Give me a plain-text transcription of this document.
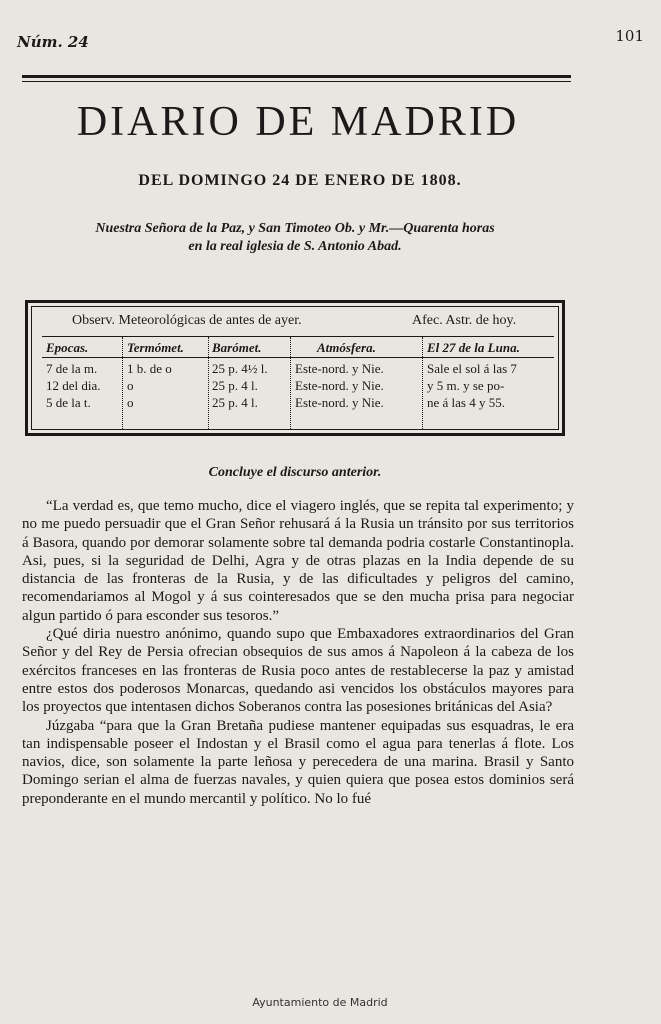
Núm. 24	101
DIARIO DE MADRID
DEL DOMINGO 24 DE ENERO DE 1808.
Nuestra Señora de la Paz, y San Timoteo Ob. y Mr.—Quarenta horas
en la real iglesia de S. Antonio Abad.
Observ. Meteorológicas de antes de ayer.	Afec. Astr. de hoy.
Epocas.
7 de la m.
12 del dia.
5 de la t.
Termómet.
1 b. de o
o
o
Barómet.
25 p. 4½ l.
25 p. 4 l.
25 p. 4 l.
Atmósfera.
Este-nord. y Nie.
Este-nord. y Nie.
Este-nord. y Nie.
El 27 de la Luna.
Sale el sol á las 7
y 5 m. y se po-
ne á las 4 y 55.
Concluye el discurso anterior.

“La verdad es, que temo mucho, dice el viagero inglés, que se repita tal experimento; y no me puedo persuadir que el Gran Señor rehusará á la Rusia un tránsito por sus territorios á Basora, quando por demorar solamente sobre tal demanda podria costarle Constantinopla. Asi, pues, si la seguridad de Delhi, Agra y de otras plazas en la India depende de su distancia de las fronteras de la Rusia, y de las dificultades y peligros del camino, recomendariamos al Mogol y á sus cointeresados que se den mucha prisa para negociar algun partido ó para esconder sus tesoros.”

¿Qué diria nuestro anónimo, quando supo que Embaxadores extraordinarios del Gran Señor y del Rey de Persia ofrecian obsequios de sus amos á Napoleon á la cabeza de los exércitos franceses en las fronteras de Rusia poco antes de restablecerse la paz y amistad entre estos dos poderosos Monarcas, quedando asi vencidos los obstáculos mayores para los proyectos que intentasen dichos Soberanos contra las posesiones británicas del Asia?

Júzgaba “para que la Gran Bretaña pudiese mantener equipadas sus esquadras, le era tan indispensable poseer el Indostan y el Brasil como el agua para tenerlas á flote. Los navios, dice, son solamente la parte leñosa y perecedera de una marina. Brasil y Santo Domingo serian el alma de fuerzas navales, y quien quiera que posea estos dominios será preponderante en el mundo mercantil y político. No lo fué

Ayuntamiento de Madrid
